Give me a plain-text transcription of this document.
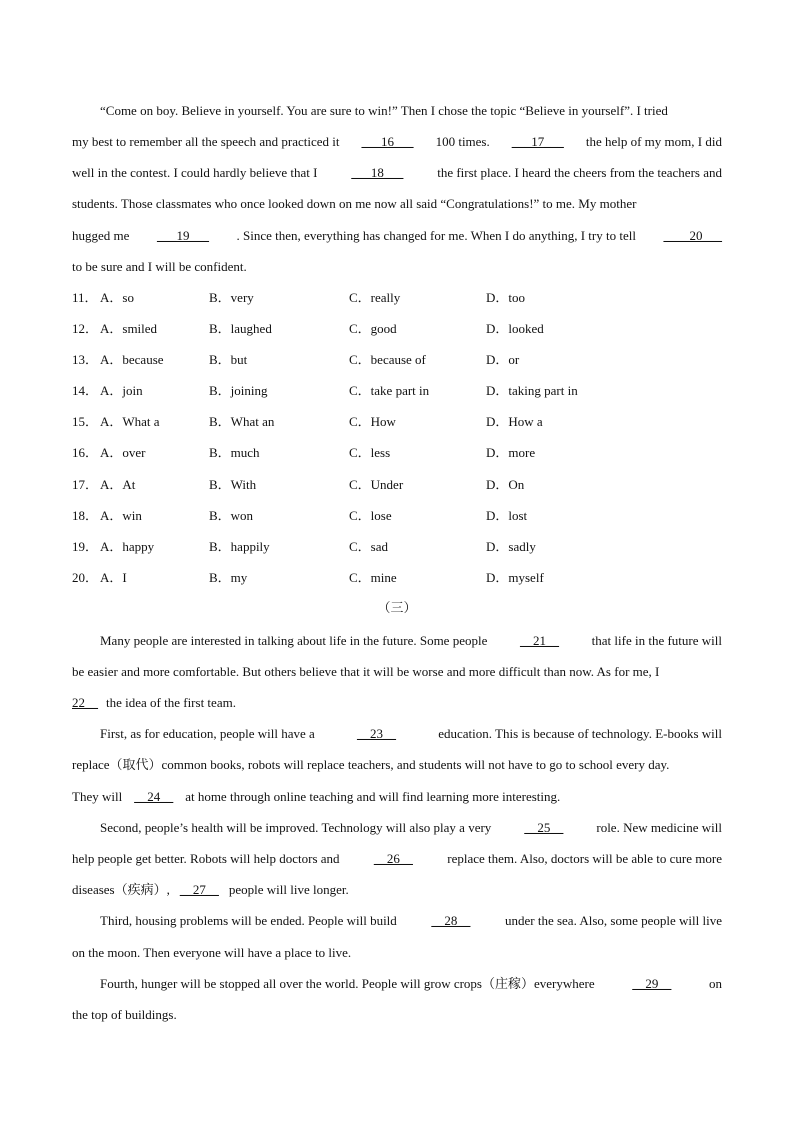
“Come on boy. Believe in yourself. You are sure to win!” Then I chose the topic “Believe in yourself”. I tried
my best to remember all the speech and practiced it ___16___ 100 times. ___17___ the help of my mom, I did
well in the contest. I could hardly believe that I	___18___	the first place. I heard the cheers from the teachers and
students. Those classmates who once looked down on me now all said “Congratulations!” to me. My mother
hugged me ___19___ . Since then, everything has changed for me. When I do anything, I try to tell ____20___
to be sure and I will be confident.
11． A．so	B．very	C．really	D．too
12． A．smiled	B．laughed	C．good	D．looked
13． A．because	B．but	C．because of	D．or
14． A．join	B．joining	C．take part in	D．taking part in
15． A．What a	B．What an	C．How	D．How a
16． A．over	B．much	C．less	D．more
17． A．At	B．With	C．Under	D．On
18． A．win	B．won	C．lose	D．lost
19． A．happy	B．happily	C．sad	D．sadly
20． A．I	B．my	C．mine	D．myself
（三）
Many people are interested in talking about life in the future. Some people	__21__	that life in the future will
be easier and more comfortable. But others believe that it will be worse and more difficult than now. As for me, I
22__ the idea of the first team.
First, as for education, people will have a	__23__	education. This is because of technology. E-books will
replace（取代）common books, robots will replace teachers, and students will not have to go to school every day.
They will __24__ at home through online teaching and will find learning more interesting.
Second, people’s health will be improved. Technology will also play a very	__25__	role. New medicine will
help people get better. Robots will help doctors and	__26__	replace them. Also, doctors will be able to cure more
diseases（疾病）, __27__ people will live longer.
Third, housing problems will be ended. People will build	__28__	under the sea. Also, some people will live
on the moon. Then everyone will have a place to live.
Fourth, hunger will be stopped all over the world. People will grow crops（庄稼）everywhere	__29__	on
the top of buildings.
